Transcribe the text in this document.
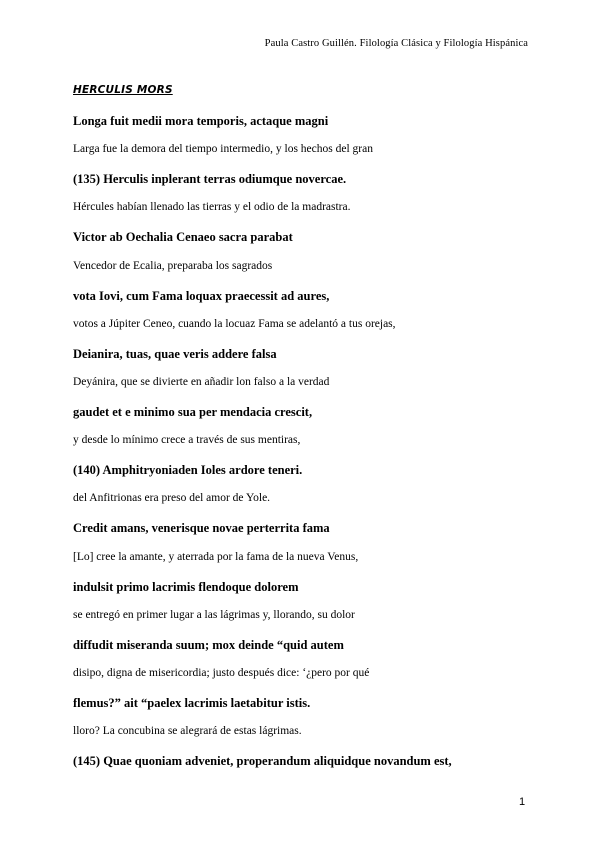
Paula Castro Guillén. Filología Clásica y Filología Hispánica
HERCULIS MORS
Longa fuit medii mora temporis, actaque magni
Larga fue la demora del tiempo intermedio, y los hechos del gran
(135) Herculis inplerant terras odiumque novercae.
Hércules habían llenado las tierras y el odio de la madrastra.
Victor ab Oechalia Cenaeo sacra parabat
Vencedor de Ecalia, preparaba los sagrados
vota Iovi, cum Fama loquax praecessit ad aures,
votos a Júpiter Ceneo, cuando la locuaz Fama se adelantó a tus orejas,
Deianira, tuas, quae veris addere falsa
Deyánira, que se divierte en añadir lon falso a la verdad
gaudet et e minimo sua per mendacia crescit,
y desde lo mínimo crece a través de sus mentiras,
(140) Amphitryoniaden Ioles ardore teneri.
del Anfitrionas era preso del amor de Yole.
Credit amans, venerisque novae perterrita fama
[Lo] cree la amante, y aterrada por la fama de la nueva Venus,
indulsit primo lacrimis flendoque dolorem
se entregó en primer lugar a las lágrimas y, llorando, su dolor
diffudit miseranda suum; mox deinde “quid autem
disipo, digna de misericordia; justo después dice: ‘¿pero por qué
flemus?” ait “paelex lacrimis laetabitur istis.
lloro? La concubina se alegrará de estas lágrimas.
(145) Quae quoniam adveniet, properandum aliquidque novandum est,
1
